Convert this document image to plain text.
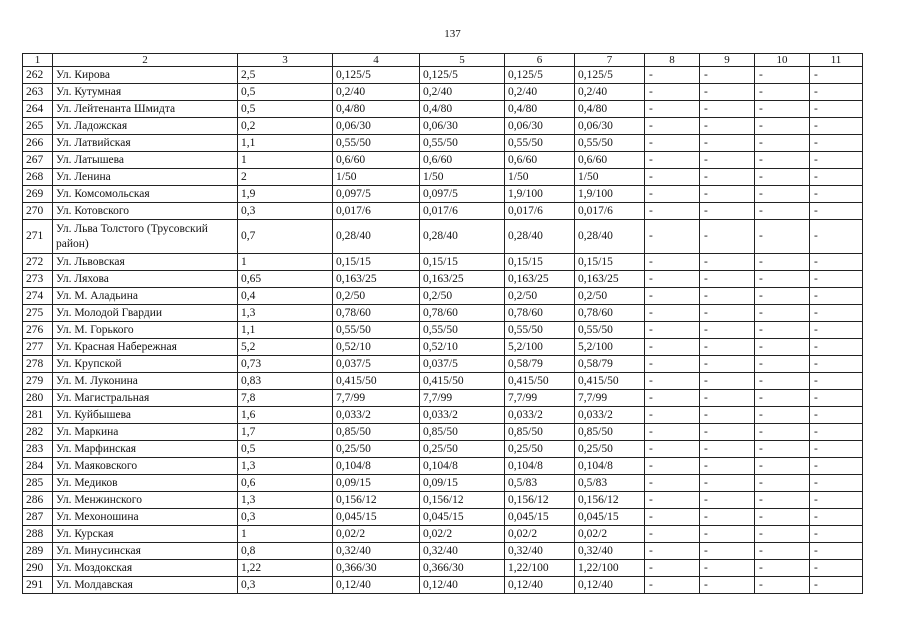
137
1	2	3	4	5	6	7	8	9	10	11
262	Ул. Кирова	2,5	0,125/5	0,125/5	0,125/5	0,125/5	-	-	-	-
263	Ул. Кутумная	0,5	0,2/40	0,2/40	0,2/40	0,2/40	-	-	-	-
264	Ул. Лейтенанта Шмидта	0,5	0,4/80	0,4/80	0,4/80	0,4/80	-	-	-	-
265	Ул. Ладожская	0,2	0,06/30	0,06/30	0,06/30	0,06/30	-	-	-	-
266	Ул. Латвийская	1,1	0,55/50	0,55/50	0,55/50	0,55/50	-	-	-	-
267	Ул. Латышева	1	0,6/60	0,6/60	0,6/60	0,6/60	-	-	-	-
268	Ул. Ленина	2	1/50	1/50	1/50	1/50	-	-	-	-
269	Ул. Комсомольская	1,9	0,097/5	0,097/5	1,9/100	1,9/100	-	-	-	-
270	Ул. Котовского	0,3	0,017/6	0,017/6	0,017/6	0,017/6	-	-	-	-
271	Ул. Льва Толстого (Трусовский район)	0,7	0,28/40	0,28/40	0,28/40	0,28/40	-	-	-	-
272	Ул. Львовская	1	0,15/15	0,15/15	0,15/15	0,15/15	-	-	-	-
273	Ул. Ляхова	0,65	0,163/25	0,163/25	0,163/25	0,163/25	-	-	-	-
274	Ул. М. Аладьина	0,4	0,2/50	0,2/50	0,2/50	0,2/50	-	-	-	-
275	Ул. Молодой Гвардии	1,3	0,78/60	0,78/60	0,78/60	0,78/60	-	-	-	-
276	Ул. М. Горького	1,1	0,55/50	0,55/50	0,55/50	0,55/50	-	-	-	-
277	Ул. Красная Набережная	5,2	0,52/10	0,52/10	5,2/100	5,2/100	-	-	-	-
278	Ул. Крупской	0,73	0,037/5	0,037/5	0,58/79	0,58/79	-	-	-	-
279	Ул. М. Луконина	0,83	0,415/50	0,415/50	0,415/50	0,415/50	-	-	-	-
280	Ул. Магистральная	7,8	7,7/99	7,7/99	7,7/99	7,7/99	-	-	-	-
281	Ул. Куйбышева	1,6	0,033/2	0,033/2	0,033/2	0,033/2	-	-	-	-
282	Ул. Маркина	1,7	0,85/50	0,85/50	0,85/50	0,85/50	-	-	-	-
283	Ул. Марфинская	0,5	0,25/50	0,25/50	0,25/50	0,25/50	-	-	-	-
284	Ул. Маяковского	1,3	0,104/8	0,104/8	0,104/8	0,104/8	-	-	-	-
285	Ул. Медиков	0,6	0,09/15	0,09/15	0,5/83	0,5/83	-	-	-	-
286	Ул. Менжинского	1,3	0,156/12	0,156/12	0,156/12	0,156/12	-	-	-	-
287	Ул. Мехоношина	0,3	0,045/15	0,045/15	0,045/15	0,045/15	-	-	-	-
288	Ул. Курская	1	0,02/2	0,02/2	0,02/2	0,02/2	-	-	-	-
289	Ул. Минусинская	0,8	0,32/40	0,32/40	0,32/40	0,32/40	-	-	-	-
290	Ул. Моздокская	1,22	0,366/30	0,366/30	1,22/100	1,22/100	-	-	-	-
291	Ул. Молдавская	0,3	0,12/40	0,12/40	0,12/40	0,12/40	-	-	-	-
